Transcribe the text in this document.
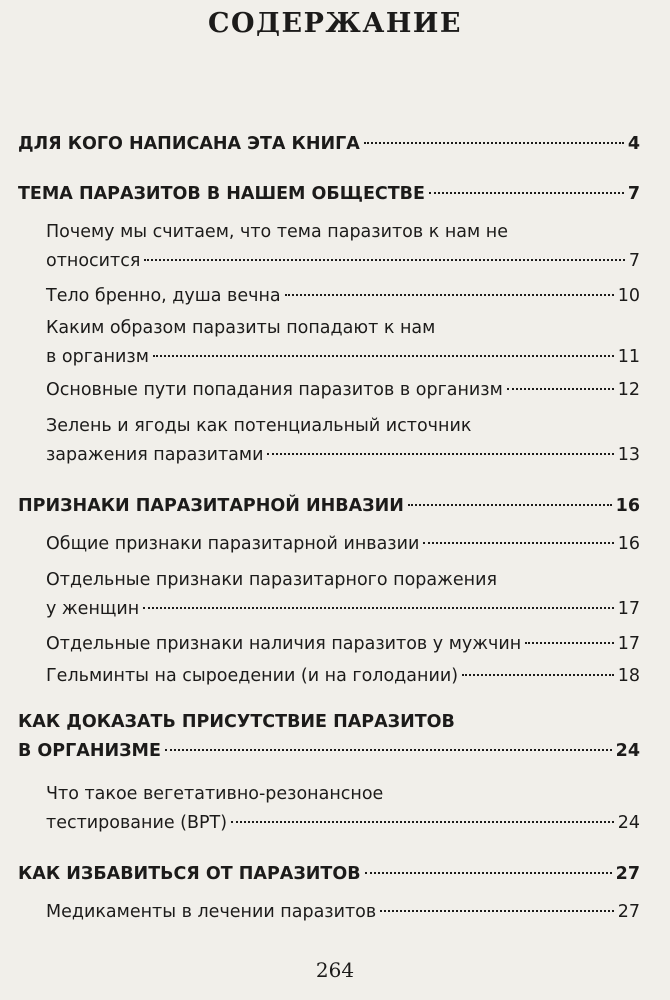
СОДЕРЖАНИЕ
ДЛЯ КОГО НАПИСАНА ЭТА КНИГА	4
ТЕМА ПАРАЗИТОВ В НАШЕМ ОБЩЕСТВЕ	7
Почему мы считаем, что тема паразитов к нам не
относится	7
Тело бренно, душа вечна	10
Каким образом паразиты попадают к нам
в организм	11
Основные пути попадания паразитов в организм	12
Зелень и ягоды как потенциальный источник
заражения паразитами	13
ПРИЗНАКИ ПАРАЗИТАРНОЙ ИНВАЗИИ	16
Общие признаки паразитарной инвазии	16
Отдельные признаки паразитарного поражения
у женщин	17
Отдельные признаки наличия паразитов у мужчин	17
Гельминты на сыроедении (и на голодании)	18
КАК ДОКАЗАТЬ ПРИСУТСТВИЕ ПАРАЗИТОВ
В ОРГАНИЗМЕ	24
Что такое вегетативно-резонансное
тестирование (ВРТ)	24
КАК ИЗБАВИТЬСЯ ОТ ПАРАЗИТОВ	27
Медикаменты в лечении паразитов	27
264
